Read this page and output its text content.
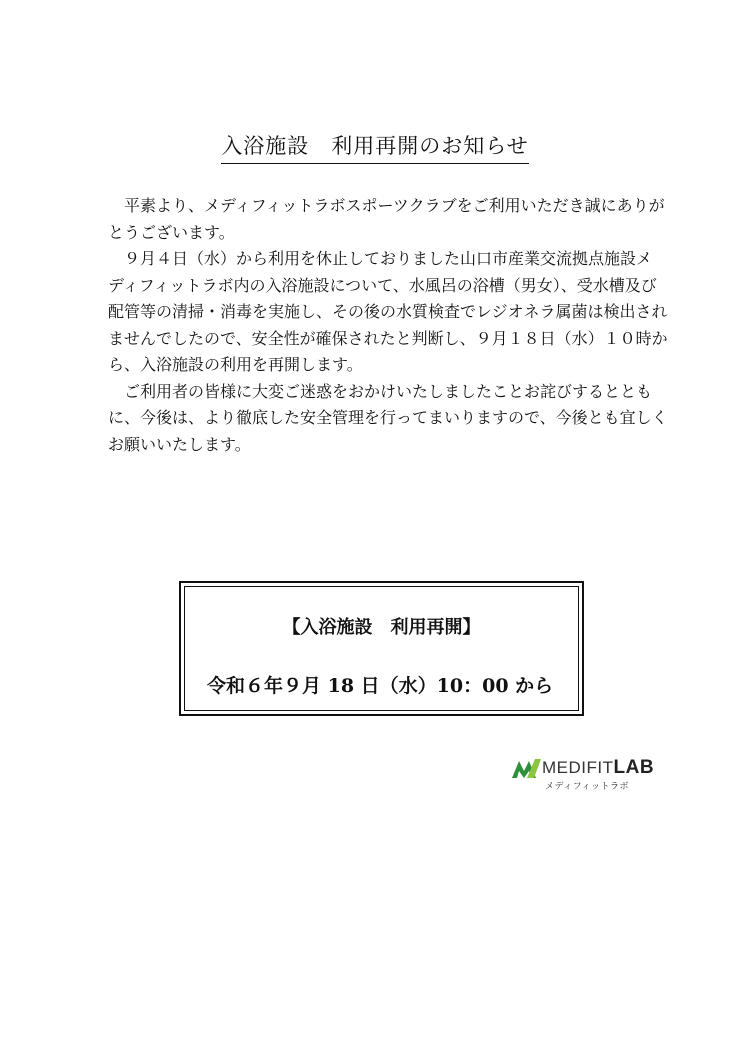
入浴施設　利用再開のお知らせ

平素より、メディフィットラボスポーツクラブをご利用いただき誠にありがとうございます。

９月４日（水）から利用を休止しておりました山口市産業交流拠点施設メディフィットラボ内の入浴施設について、水風呂の浴槽（男女）、受水槽及び配管等の清掃・消毒を実施し、その後の水質検査でレジオネラ属菌は検出されませんでしたので、安全性が確保されたと判断し、９月１８日（水）１０時から、入浴施設の利用を再開します。

ご利用者の皆様に大変ご迷惑をおかけいたしましたことお詫びするとともに、今後は、より徹底した安全管理を行ってまいりますので、今後とも宜しくお願いいたします。

【入浴施設　利用再開】
令和６年９月 18 日（水）10：00 から
MEDIFITLAB
メディフィットラボ
